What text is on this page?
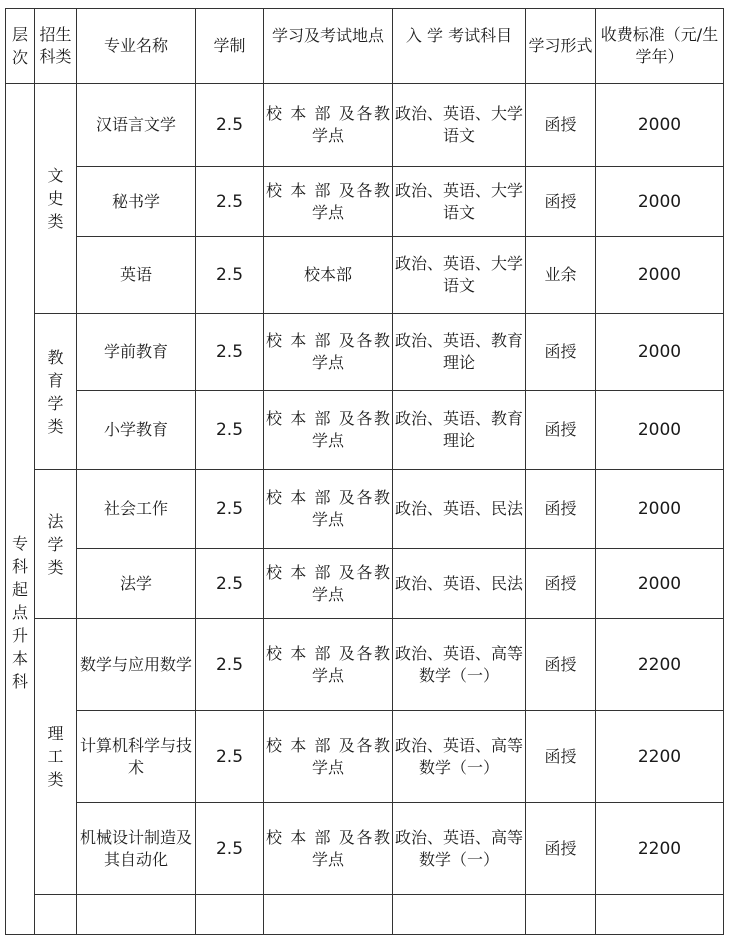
层次	招生科类	专业名称	学制	学习及考试地点	入 学 考试科目	学习形式	收费标准（元/生学年）

专科起点升本科	文史类	汉语言文学	2.5	校 本 部 及各教学点	政治、英语、大学语文	函授	2000
		秘书学	2.5	校 本 部 及各教学点	政治、英语、大学语文	函授	2000
		英语	2.5	校本部	政治、英语、大学语文	业余	2000

	教育学类	学前教育	2.5	校 本 部 及各教学点	政治、英语、教育理论	函授	2000
		小学教育	2.5	校 本 部 及各教学点	政治、英语、教育理论	函授	2000

	法学类	社会工作	2.5	校 本 部 及各教学点	政治、英语、民法	函授	2000
		法学	2.5	校 本 部 及各教学点	政治、英语、民法	函授	2000

	理工类	数学与应用数学	2.5	校 本 部 及各教学点	政治、英语、高等数学（一）	函授	2200
		计算机科学与技术	2.5	校 本 部 及各教学点	政治、英语、高等数学（一）	函授	2200
		机械设计制造及其自动化	2.5	校 本 部 及各教学点	政治、英语、高等数学（一）	函授	2200
